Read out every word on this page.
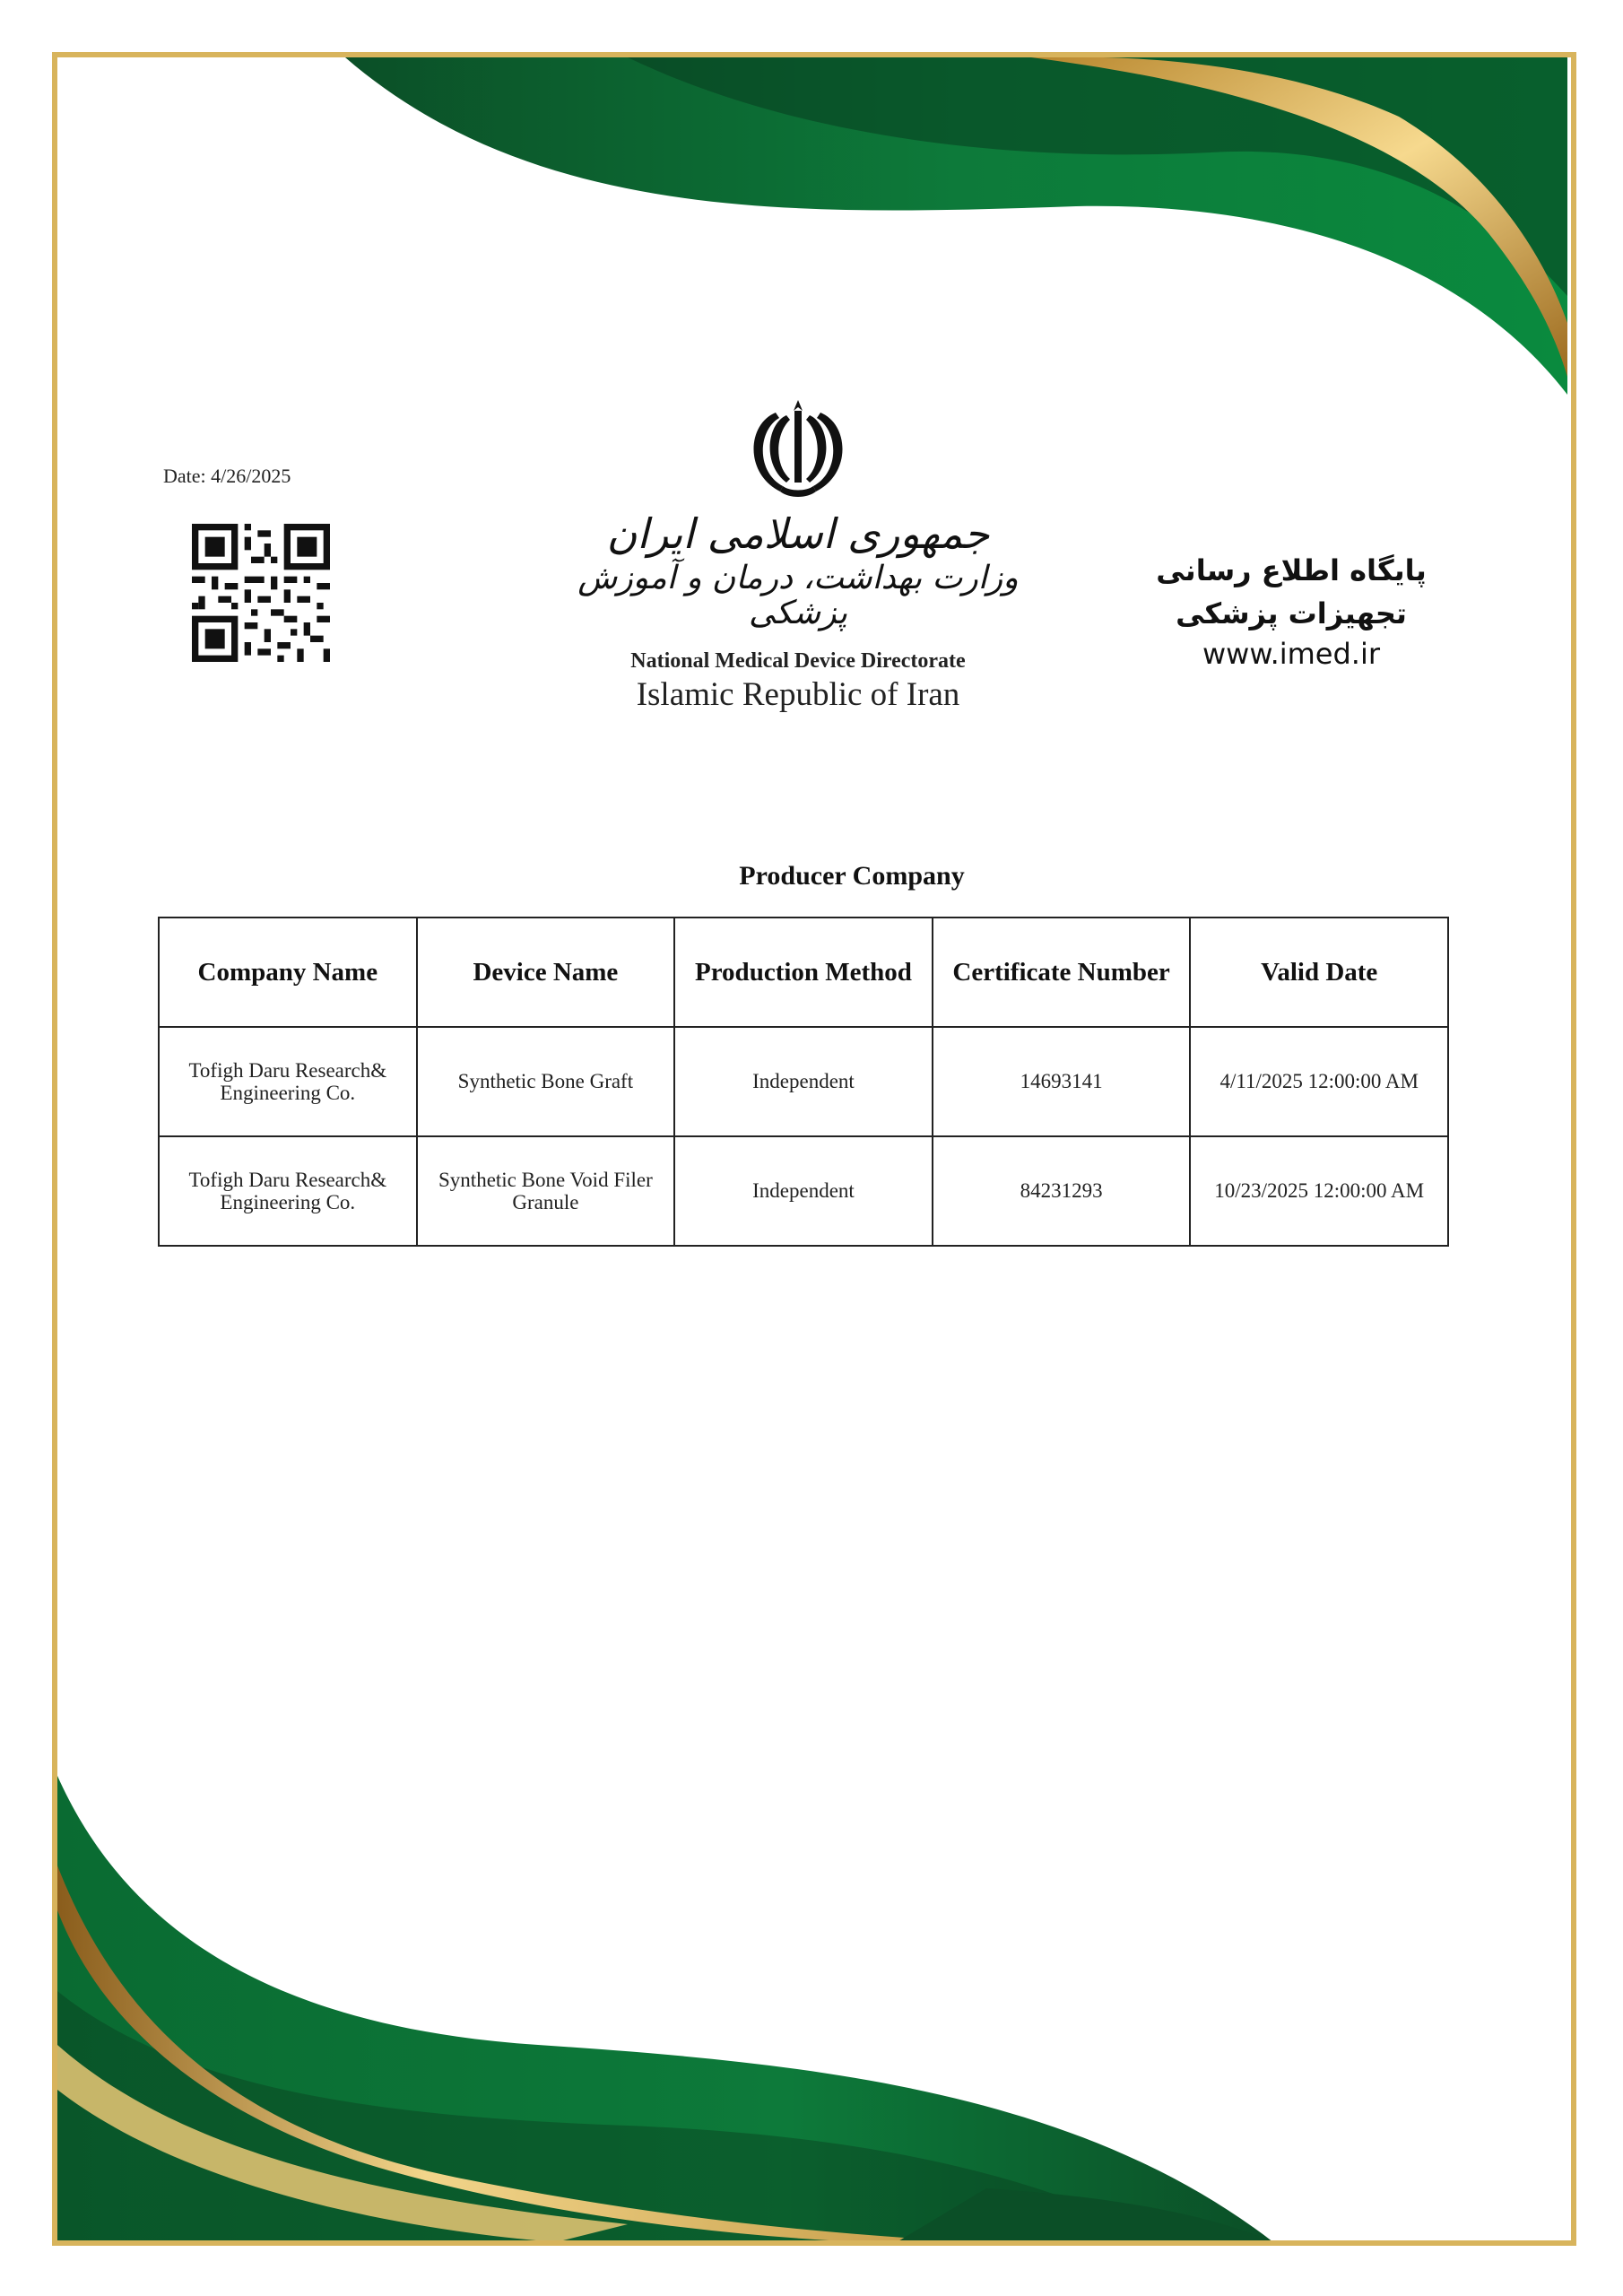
Date: 4/26/2025
جمهوری اسلامی ایران
وزارت بهداشت، درمان و آموزش پزشکی
National Medical Device Directorate
Islamic Republic of Iran
پایگاه اطلاع رسانی
تجهیزات پزشکی
www.imed.ir
Producer Company
Company Name	Device Name	Production Method	Certificate Number	Valid Date
Tofigh Daru Research& Engineering Co.	Synthetic Bone Graft	Independent	14693141	4/11/2025 12:00:00 AM
Tofigh Daru Research& Engineering Co.	Synthetic Bone Void Filer Granule	Independent	84231293	10/23/2025 12:00:00 AM
